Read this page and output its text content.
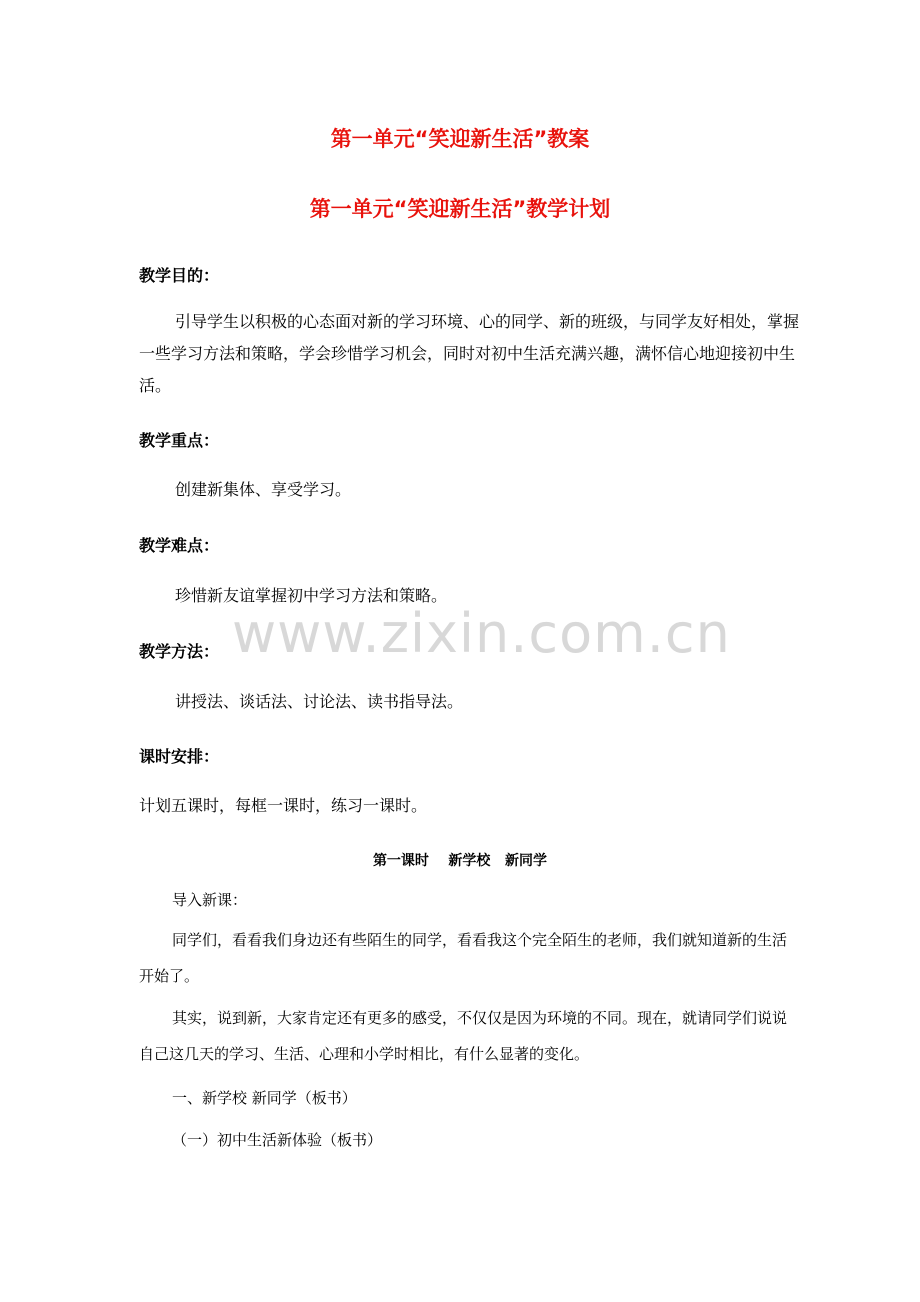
第一单元“笑迎新生活”教案
第一单元“笑迎新生活”教学计划
教学目的：
引导学生以积极的心态面对新的学习环境、心的同学、新的班级，与同学友好相处，掌握一些学习方法和策略，学会珍惜学习机会，同时对初中生活充满兴趣，满怀信心地迎接初中生活。
教学重点：
创建新集体、享受学习。
教学难点：
珍惜新友谊掌握初中学习方法和策略。
教学方法：
讲授法、谈话法、讨论法、读书指导法。
课时安排：
计划五课时，每框一课时，练习一课时。
第一课时    新学校   新同学
导入新课：
同学们，看看我们身边还有些陌生的同学，看看我这个完全陌生的老师，我们就知道新的生活开始了。
其实，说到新，大家肯定还有更多的感受，不仅仅是因为环境的不同。现在，就请同学们说说自己这几天的学习、生活、心理和小学时相比，有什么显著的变化。
一、新学校 新同学（板书）
（一）初中生活新体验（板书）
www.zixin.com.cn
